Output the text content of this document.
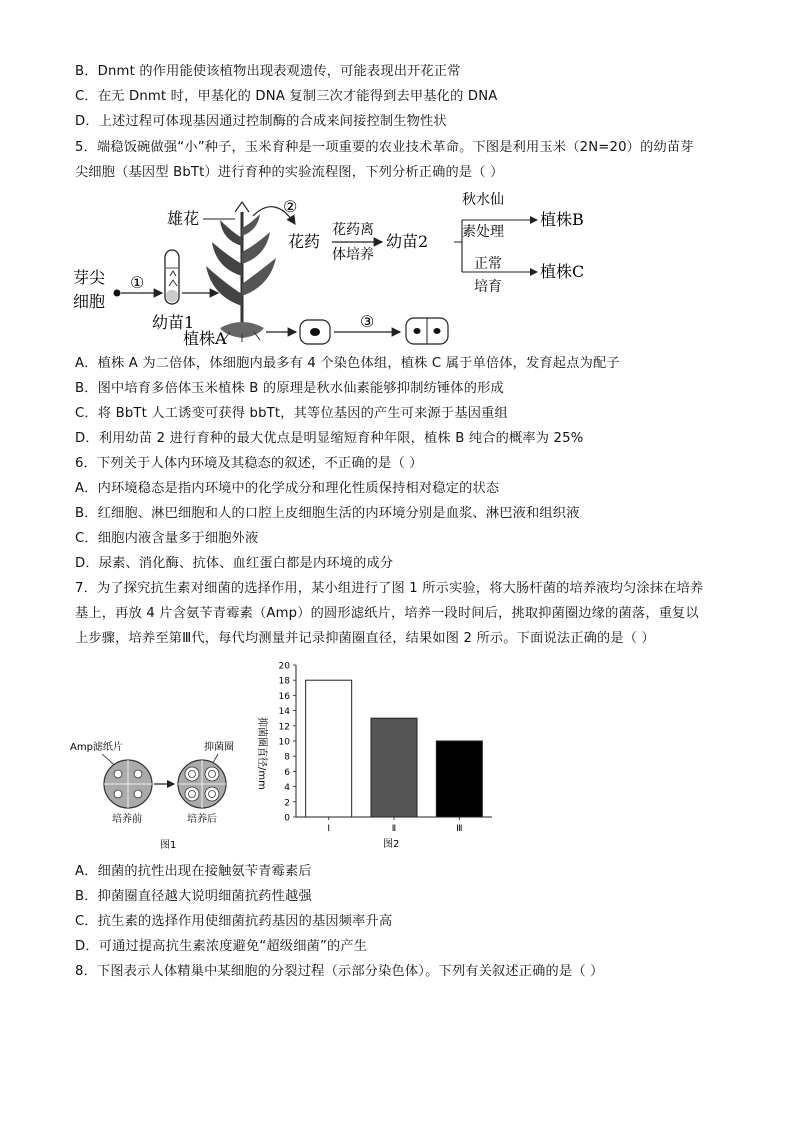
B．Dnmt 的作用能使该植物出现表观遗传，可能表现出开花正常
C．在无 Dnmt 时，甲基化的 DNA 复制三次才能得到去甲基化的 DNA
D．上述过程可体现基因通过控制酶的合成来间接控制生物性状
5．端稳饭碗做强“小”种子，玉米育种是一项重要的农业技术革命。下图是利用玉米（2N=20）的幼苗芽
尖细胞（基因型 BbTt）进行育种的实验流程图，下列分析正确的是（ ）
芽尖
细胞
①
幼苗1
雄花
②
花药
花药离
体培养
幼苗2
秋水仙
素处理
植株B
正常
培育
植株C
植株A
③
A．植株 A 为二倍体，体细胞内最多有 4 个染色体组，植株 C 属于单倍体，发育起点为配子
B．图中培育多倍体玉米植株 B 的原理是秋水仙素能够抑制纺锤体的形成
C．将 BbTt 人工诱变可获得 bbTt，其等位基因的产生可来源于基因重组
D．利用幼苗 2 进行育种的最大优点是明显缩短育种年限，植株 B 纯合的概率为 25%
6．下列关于人体内环境及其稳态的叙述，不正确的是（ ）
A．内环境稳态是指内环境中的化学成分和理化性质保持相对稳定的状态
B．红细胞、淋巴细胞和人的口腔上皮细胞生活的内环境分别是血浆、淋巴液和组织液
C．细胞内液含量多于细胞外液
D．尿素、消化酶、抗体、血红蛋白都是内环境的成分
7．为了探究抗生素对细菌的选择作用，某小组进行了图 1 所示实验，将大肠杆菌的培养液均匀涂抹在培养
基上，再放 4 片含氨苄青霉素（Amp）的圆形滤纸片，培养一段时间后，挑取抑菌圈边缘的菌落，重复以
上步骤，培养至第Ⅲ代，每代均测量并记录抑菌圈直径，结果如图 2 所示。下面说法正确的是（ ）
Amp滤纸片	抑菌圈
培养前	培养后
图1
抑菌圈直径/mm
0
2
4
6
8
10
12
14
16
18
20
Ⅰ	Ⅱ	Ⅲ
图2
A．细菌的抗性出现在接触氨苄青霉素后
B．抑菌圈直径越大说明细菌抗药性越强
C．抗生素的选择作用使细菌抗药基因的基因频率升高
D．可通过提高抗生素浓度避免“超级细菌”的产生
8．下图表示人体精巢中某细胞的分裂过程（示部分染色体）。下列有关叙述正确的是（ ）
